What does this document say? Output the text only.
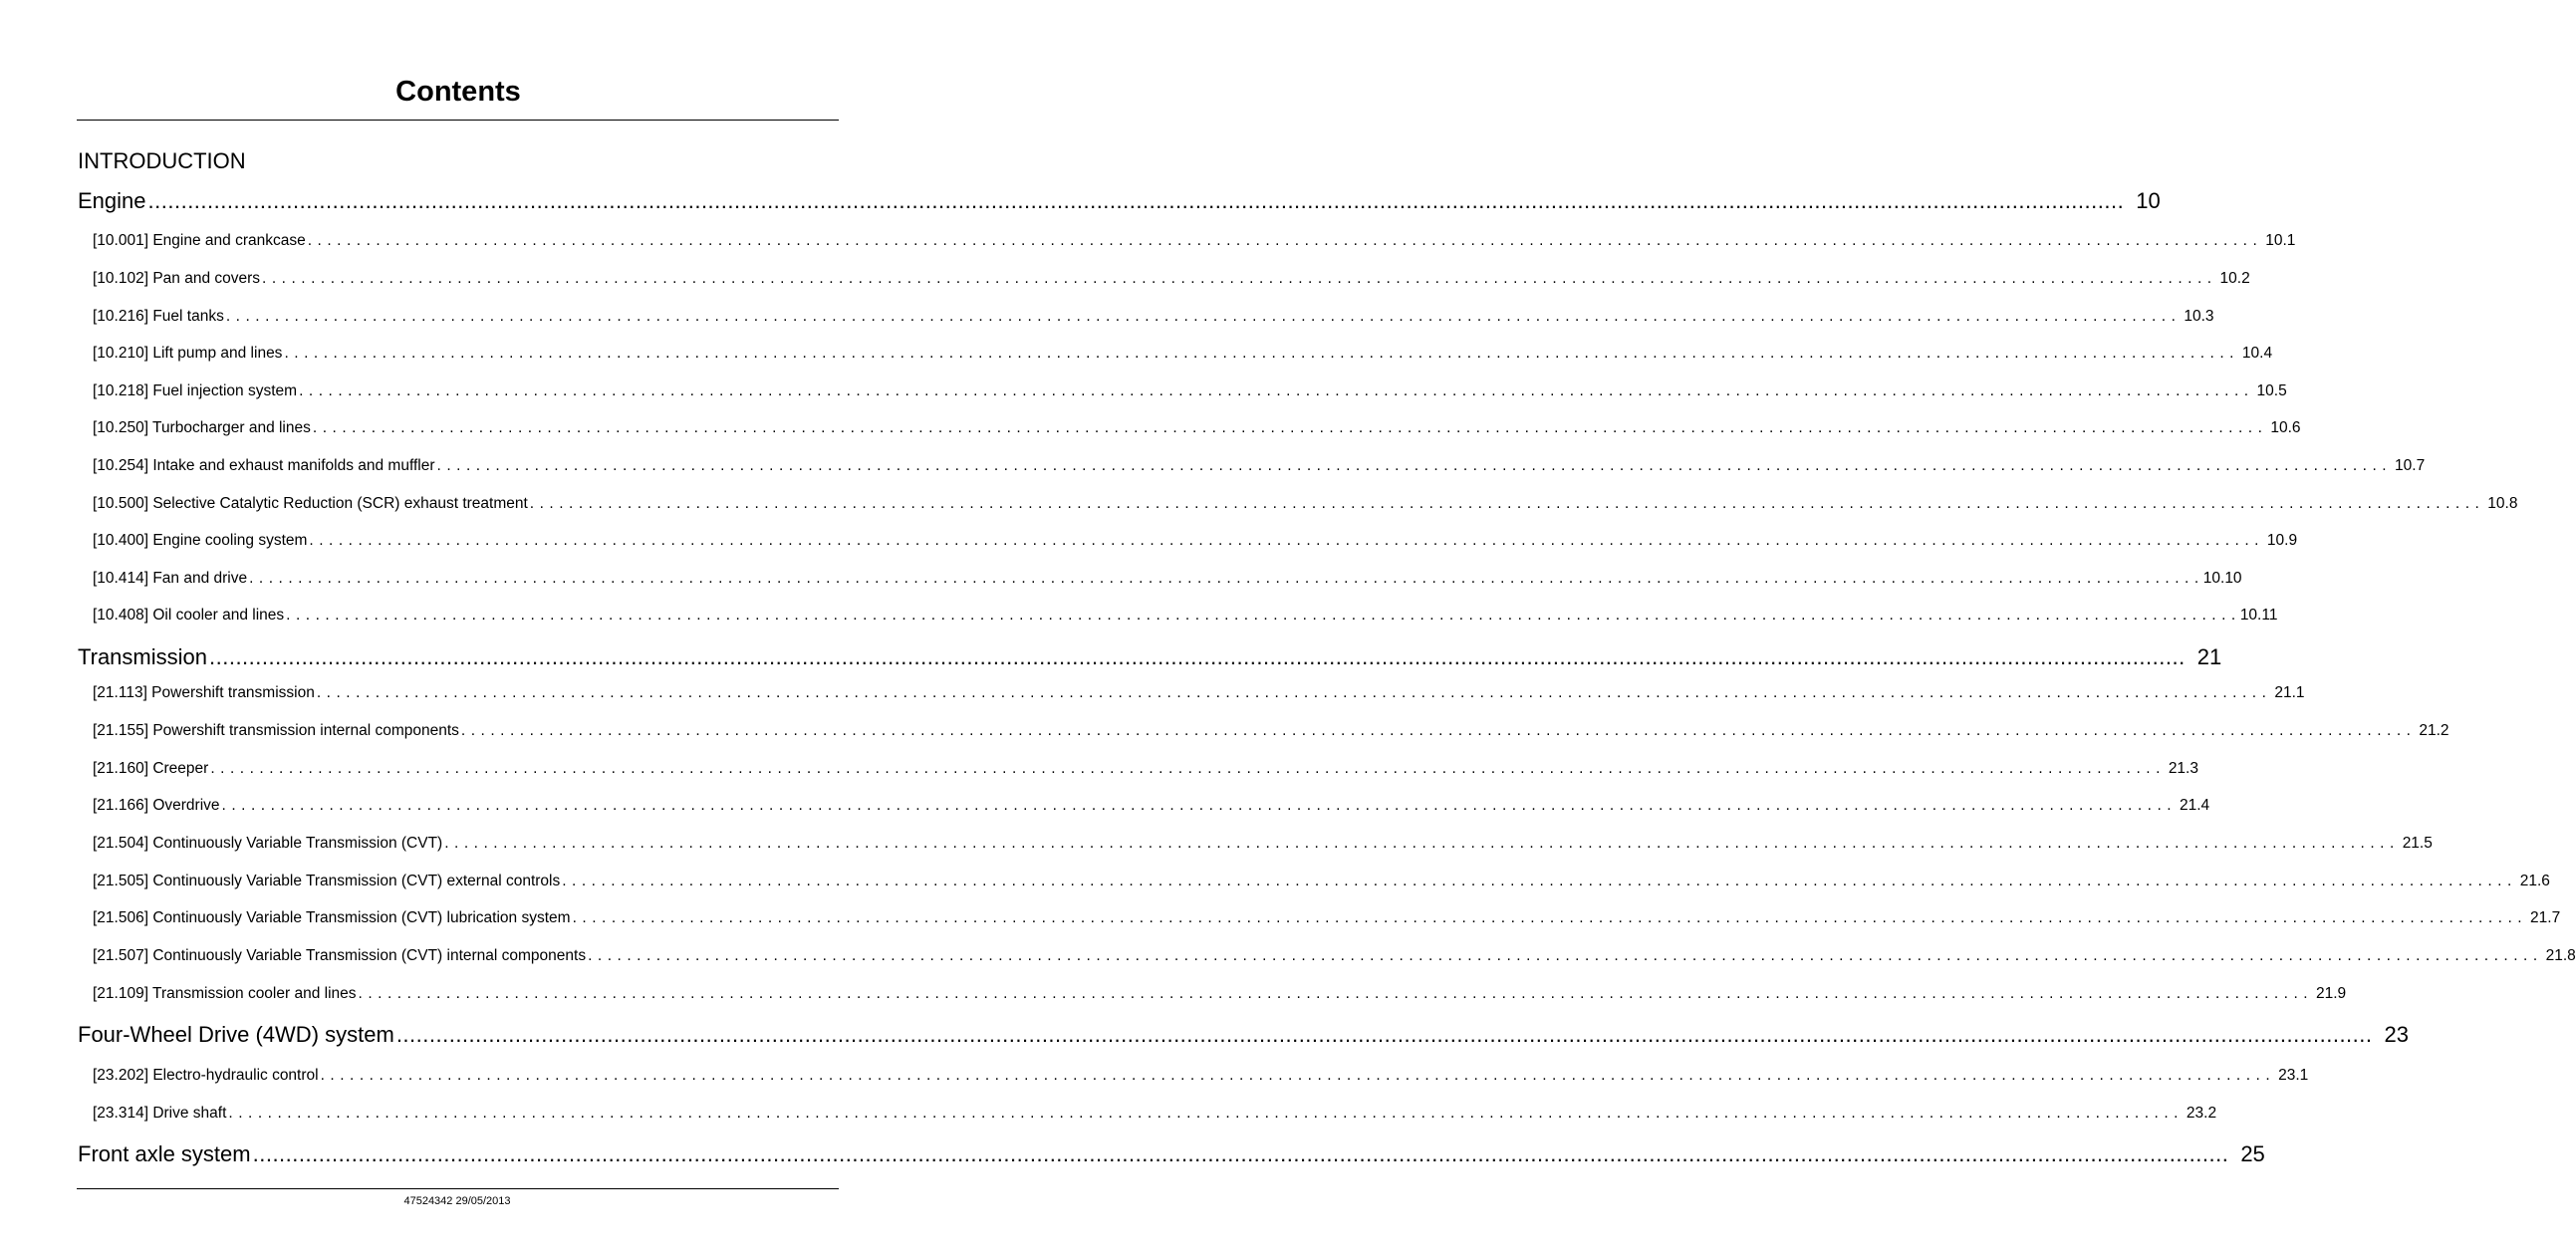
Contents
INTRODUCTION
Engine ............................................................................................................................................................................................................................................................................................................ 10
[10.001] Engine and crankcase . . . . . . . . . . . . . . . . . . . . . . . . . . . . . . . . . . . . . . . . . . . . . . . . . . . . . . . . . . . . . . . . . . . . . . . . . . . . . . . . . . . . . . . . . . . . . . . . . . . . . . . . . . . . . . . . . . . . . . . . . . . . . . . . . . . . . . . . . . . . . . . . . . . . . . . . . . . . . . . . . . . . . . . . . . . . . . . . . . . . . . . . . . . . . . . . . . . . . . . . 10.1
[10.102] Pan and covers . . . . . . . . . . . . . . . . . . . . . . . . . . . . . . . . . . . . . . . . . . . . . . . . . . . . . . . . . . . . . . . . . . . . . . . . . . . . . . . . . . . . . . . . . . . . . . . . . . . . . . . . . . . . . . . . . . . . . . . . . . . . . . . . . . . . . . . . . . . . . . . . . . . . . . . . . . . . . . . . . . . . . . . . . . . . . . . . . . . . . . . . . . . . . . . . . . . . . . . . 10.2
[10.216] Fuel tanks . . . . . . . . . . . . . . . . . . . . . . . . . . . . . . . . . . . . . . . . . . . . . . . . . . . . . . . . . . . . . . . . . . . . . . . . . . . . . . . . . . . . . . . . . . . . . . . . . . . . . . . . . . . . . . . . . . . . . . . . . . . . . . . . . . . . . . . . . . . . . . . . . . . . . . . . . . . . . . . . . . . . . . . . . . . . . . . . . . . . . . . . . . . . . . . . . . . . . . . . 10.3
[10.210] Lift pump and lines . . . . . . . . . . . . . . . . . . . . . . . . . . . . . . . . . . . . . . . . . . . . . . . . . . . . . . . . . . . . . . . . . . . . . . . . . . . . . . . . . . . . . . . . . . . . . . . . . . . . . . . . . . . . . . . . . . . . . . . . . . . . . . . . . . . . . . . . . . . . . . . . . . . . . . . . . . . . . . . . . . . . . . . . . . . . . . . . . . . . . . . . . . . . . . . . . . . . . . . . 10.4
[10.218] Fuel injection system . . . . . . . . . . . . . . . . . . . . . . . . . . . . . . . . . . . . . . . . . . . . . . . . . . . . . . . . . . . . . . . . . . . . . . . . . . . . . . . . . . . . . . . . . . . . . . . . . . . . . . . . . . . . . . . . . . . . . . . . . . . . . . . . . . . . . . . . . . . . . . . . . . . . . . . . . . . . . . . . . . . . . . . . . . . . . . . . . . . . . . . . . . . . . . . . . . . . . . . . 10.5
[10.250] Turbocharger and lines . . . . . . . . . . . . . . . . . . . . . . . . . . . . . . . . . . . . . . . . . . . . . . . . . . . . . . . . . . . . . . . . . . . . . . . . . . . . . . . . . . . . . . . . . . . . . . . . . . . . . . . . . . . . . . . . . . . . . . . . . . . . . . . . . . . . . . . . . . . . . . . . . . . . . . . . . . . . . . . . . . . . . . . . . . . . . . . . . . . . . . . . . . . . . . . . . . . . . . . . 10.6
[10.254] Intake and exhaust manifolds and muffler . . . . . . . . . . . . . . . . . . . . . . . . . . . . . . . . . . . . . . . . . . . . . . . . . . . . . . . . . . . . . . . . . . . . . . . . . . . . . . . . . . . . . . . . . . . . . . . . . . . . . . . . . . . . . . . . . . . . . . . . . . . . . . . . . . . . . . . . . . . . . . . . . . . . . . . . . . . . . . . . . . . . . . . . . . . . . . . . . . . . . . . . . . . . . . . . . . . . . . . . 10.7
[10.500] Selective Catalytic Reduction (SCR) exhaust treatment . . . . . . . . . . . . . . . . . . . . . . . . . . . . . . . . . . . . . . . . . . . . . . . . . . . . . . . . . . . . . . . . . . . . . . . . . . . . . . . . . . . . . . . . . . . . . . . . . . . . . . . . . . . . . . . . . . . . . . . . . . . . . . . . . . . . . . . . . . . . . . . . . . . . . . . . . . . . . . . . . . . . . . . . . . . . . . . . . . . . . . . . . . . . . . . . . . . . . . . . 10.8
[10.400] Engine cooling system . . . . . . . . . . . . . . . . . . . . . . . . . . . . . . . . . . . . . . . . . . . . . . . . . . . . . . . . . . . . . . . . . . . . . . . . . . . . . . . . . . . . . . . . . . . . . . . . . . . . . . . . . . . . . . . . . . . . . . . . . . . . . . . . . . . . . . . . . . . . . . . . . . . . . . . . . . . . . . . . . . . . . . . . . . . . . . . . . . . . . . . . . . . . . . . . . . . . . . . . 10.9
[10.414] Fan and drive . . . . . . . . . . . . . . . . . . . . . . . . . . . . . . . . . . . . . . . . . . . . . . . . . . . . . . . . . . . . . . . . . . . . . . . . . . . . . . . . . . . . . . . . . . . . . . . . . . . . . . . . . . . . . . . . . . . . . . . . . . . . . . . . . . . . . . . . . . . . . . . . . . . . . . . . . . . . . . . . . . . . . . . . . . . . . . . . . . . . . . . . . . . . . . . . . . . . . . . . 10.10
[10.408] Oil cooler and lines . . . . . . . . . . . . . . . . . . . . . . . . . . . . . . . . . . . . . . . . . . . . . . . . . . . . . . . . . . . . . . . . . . . . . . . . . . . . . . . . . . . . . . . . . . . . . . . . . . . . . . . . . . . . . . . . . . . . . . . . . . . . . . . . . . . . . . . . . . . . . . . . . . . . . . . . . . . . . . . . . . . . . . . . . . . . . . . . . . . . . . . . . . . . . . . . . . . . . . . . 10.11
Transmission ............................................................................................................................................................................................................................................................................................................ 21
[21.113] Powershift transmission . . . . . . . . . . . . . . . . . . . . . . . . . . . . . . . . . . . . . . . . . . . . . . . . . . . . . . . . . . . . . . . . . . . . . . . . . . . . . . . . . . . . . . . . . . . . . . . . . . . . . . . . . . . . . . . . . . . . . . . . . . . . . . . . . . . . . . . . . . . . . . . . . . . . . . . . . . . . . . . . . . . . . . . . . . . . . . . . . . . . . . . . . . . . . . . . . . . . . . . . 21.1
[21.155] Powershift transmission internal components . . . . . . . . . . . . . . . . . . . . . . . . . . . . . . . . . . . . . . . . . . . . . . . . . . . . . . . . . . . . . . . . . . . . . . . . . . . . . . . . . . . . . . . . . . . . . . . . . . . . . . . . . . . . . . . . . . . . . . . . . . . . . . . . . . . . . . . . . . . . . . . . . . . . . . . . . . . . . . . . . . . . . . . . . . . . . . . . . . . . . . . . . . . . . . . . . . . . . . . . 21.2
[21.160] Creeper . . . . . . . . . . . . . . . . . . . . . . . . . . . . . . . . . . . . . . . . . . . . . . . . . . . . . . . . . . . . . . . . . . . . . . . . . . . . . . . . . . . . . . . . . . . . . . . . . . . . . . . . . . . . . . . . . . . . . . . . . . . . . . . . . . . . . . . . . . . . . . . . . . . . . . . . . . . . . . . . . . . . . . . . . . . . . . . . . . . . . . . . . . . . . . . . . . . . . . . . 21.3
[21.166] Overdrive . . . . . . . . . . . . . . . . . . . . . . . . . . . . . . . . . . . . . . . . . . . . . . . . . . . . . . . . . . . . . . . . . . . . . . . . . . . . . . . . . . . . . . . . . . . . . . . . . . . . . . . . . . . . . . . . . . . . . . . . . . . . . . . . . . . . . . . . . . . . . . . . . . . . . . . . . . . . . . . . . . . . . . . . . . . . . . . . . . . . . . . . . . . . . . . . . . . . . . . . 21.4
[21.504] Continuously Variable Transmission (CVT) . . . . . . . . . . . . . . . . . . . . . . . . . . . . . . . . . . . . . . . . . . . . . . . . . . . . . . . . . . . . . . . . . . . . . . . . . . . . . . . . . . . . . . . . . . . . . . . . . . . . . . . . . . . . . . . . . . . . . . . . . . . . . . . . . . . . . . . . . . . . . . . . . . . . . . . . . . . . . . . . . . . . . . . . . . . . . . . . . . . . . . . . . . . . . . . . . . . . . . . . 21.5
[21.505] Continuously Variable Transmission (CVT) external controls . . . . . . . . . . . . . . . . . . . . . . . . . . . . . . . . . . . . . . . . . . . . . . . . . . . . . . . . . . . . . . . . . . . . . . . . . . . . . . . . . . . . . . . . . . . . . . . . . . . . . . . . . . . . . . . . . . . . . . . . . . . . . . . . . . . . . . . . . . . . . . . . . . . . . . . . . . . . . . . . . . . . . . . . . . . . . . . . . . . . . . . . . . . . . . . . . . . . . . . . 21.6
[21.506] Continuously Variable Transmission (CVT) lubrication system . . . . . . . . . . . . . . . . . . . . . . . . . . . . . . . . . . . . . . . . . . . . . . . . . . . . . . . . . . . . . . . . . . . . . . . . . . . . . . . . . . . . . . . . . . . . . . . . . . . . . . . . . . . . . . . . . . . . . . . . . . . . . . . . . . . . . . . . . . . . . . . . . . . . . . . . . . . . . . . . . . . . . . . . . . . . . . . . . . . . . . . . . . . . . . . . . . . . . . . . 21.7
[21.507] Continuously Variable Transmission (CVT) internal components . . . . . . . . . . . . . . . . . . . . . . . . . . . . . . . . . . . . . . . . . . . . . . . . . . . . . . . . . . . . . . . . . . . . . . . . . . . . . . . . . . . . . . . . . . . . . . . . . . . . . . . . . . . . . . . . . . . . . . . . . . . . . . . . . . . . . . . . . . . . . . . . . . . . . . . . . . . . . . . . . . . . . . . . . . . . . . . . . . . . . . . . . . . . . . . . . . . . . . . . 21.8
[21.109] Transmission cooler and lines . . . . . . . . . . . . . . . . . . . . . . . . . . . . . . . . . . . . . . . . . . . . . . . . . . . . . . . . . . . . . . . . . . . . . . . . . . . . . . . . . . . . . . . . . . . . . . . . . . . . . . . . . . . . . . . . . . . . . . . . . . . . . . . . . . . . . . . . . . . . . . . . . . . . . . . . . . . . . . . . . . . . . . . . . . . . . . . . . . . . . . . . . . . . . . . . . . . . . . . . 21.9
Four-Wheel Drive (4WD) system ............................................................................................................................................................................................................................................................................................................ 23
[23.202] Electro-hydraulic control . . . . . . . . . . . . . . . . . . . . . . . . . . . . . . . . . . . . . . . . . . . . . . . . . . . . . . . . . . . . . . . . . . . . . . . . . . . . . . . . . . . . . . . . . . . . . . . . . . . . . . . . . . . . . . . . . . . . . . . . . . . . . . . . . . . . . . . . . . . . . . . . . . . . . . . . . . . . . . . . . . . . . . . . . . . . . . . . . . . . . . . . . . . . . . . . . . . . . . . . 23.1
[23.314] Drive shaft . . . . . . . . . . . . . . . . . . . . . . . . . . . . . . . . . . . . . . . . . . . . . . . . . . . . . . . . . . . . . . . . . . . . . . . . . . . . . . . . . . . . . . . . . . . . . . . . . . . . . . . . . . . . . . . . . . . . . . . . . . . . . . . . . . . . . . . . . . . . . . . . . . . . . . . . . . . . . . . . . . . . . . . . . . . . . . . . . . . . . . . . . . . . . . . . . . . . . . . . 23.2
Front axle system ............................................................................................................................................................................................................................................................................................................ 25
47524342 29/05/2013
